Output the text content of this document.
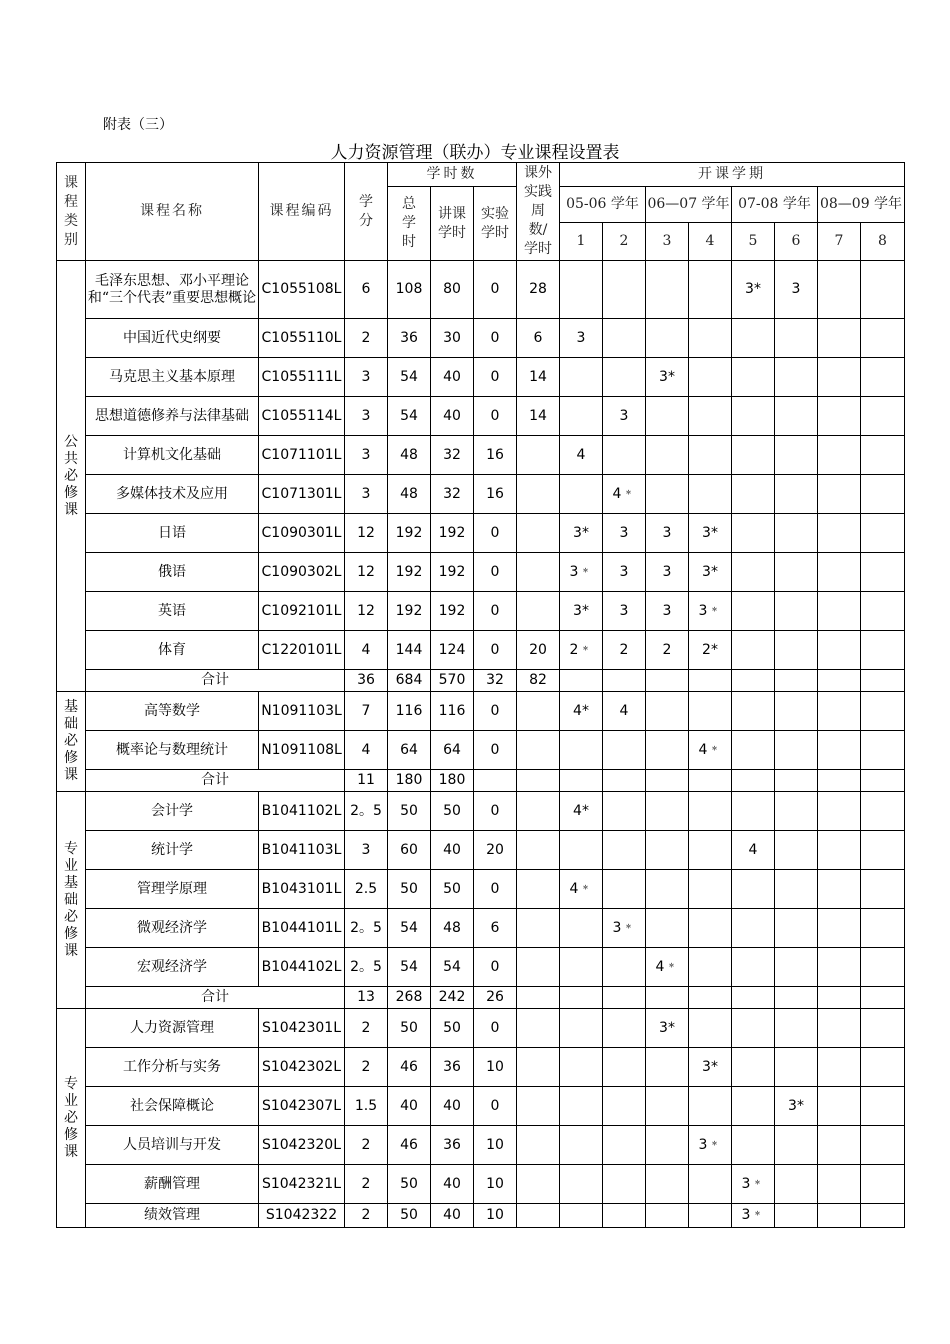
附表（三）
人力资源管理（联办）专业课程设置表
课程类别	课程名称	课程编码	学分	学时数			课外实践周数/学时	开课学期							

				总学时	讲课学时	实验学时		05-06 学年		06—07 学年		07-08 学年		08—09 学年	
								1	2	3	4	5	6	7	8

公共必修课	毛泽东思想、邓小平理论和“三个代表”重要思想概论	C1055108L	6	108	80	0	28					3*	3		
	中国近代史纲要	C1055110L	2	36	30	0	6	3							
	马克思主义基本原理	C1055111L	3	54	40	0	14			3*					
	思想道德修养与法律基础	C1055114L	3	54	40	0	14		3						
	计算机文化基础	C1071101L	3	48	32	16		4							
	多媒体技术及应用	C1071301L	3	48	32	16			4﹡						
	日语	C1090301L	12	192	192	0		3*	3	3	3*				
	俄语	C1090302L	12	192	192	0		3﹡	3	3	3*				
	英语	C1092101L	12	192	192	0		3*	3	3	3﹡				
	体育	C1220101L	4	144	124	0	20	2﹡	2	2	2*				
	合计		36	684	570	32	82								

基础必修课	高等数学	N1091103L	7	116	116	0		4*	4						
	概率论与数理统计	N1091108L	4	64	64	0					4﹡				
	合计		11	180	180										

专业基础必修课	会计学	B1041102L	2。5	50	50	0		4*							
	统计学	B1041103L	3	60	40	20						4			
	管理学原理	B1043101L	2.5	50	50	0		4﹡							
	微观经济学	B1044101L	2。5	54	48	6			3﹡						
	宏观经济学	B1044102L	2。5	54	54	0				4﹡					
	合计		13	268	242	26									

专业必修课	人力资源管理	S1042301L	2	50	50	0				3*					
	工作分析与实务	S1042302L	2	46	36	10					3*				
	社会保障概论	S1042307L	1.5	40	40	0							3*		
	人员培训与开发	S1042320L	2	46	36	10					3﹡				
	薪酬管理	S1042321L	2	50	40	10						3﹡			
	绩效管理	S1042322	2	50	40	10						3﹡			
